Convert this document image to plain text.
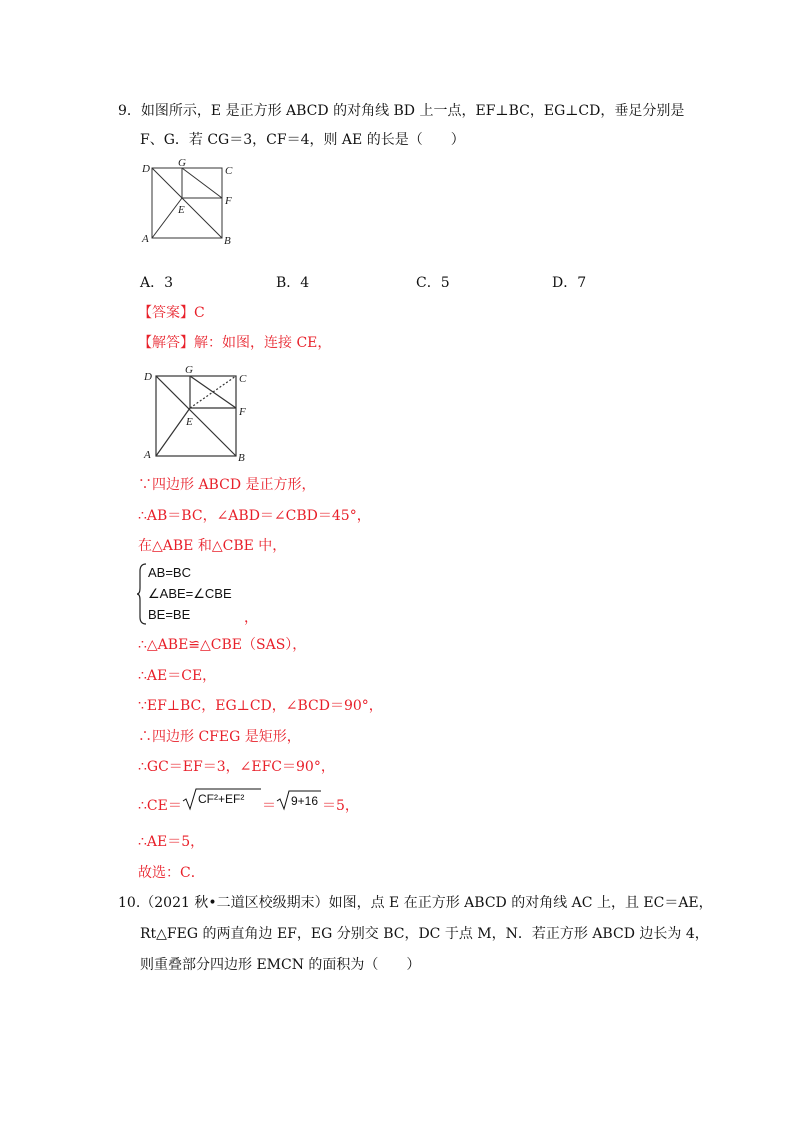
9．如图所示，E 是正方形 ABCD 的对角线 BD 上一点，EF⊥BC，EG⊥CD，垂足分别是
F、G．若 CG＝3，CF＝4，则 AE 的长是（　　）
D	G
C
F
E
A	B
A．3	B．4	C．5	D．7
【答案】C
【解答】解：如图，连接 CE，
D
G
C
F
E
A	B
∵四边形 ABCD 是正方形，
∴AB＝BC，∠ABD＝∠CBD＝45°，
在△ABE 和△CBE 中，
AB=BC
∠ABE=∠CBE
BE=BE	，
∴△ABE≌△CBE（SAS），
∴AE＝CE，
∵EF⊥BC，EG⊥CD，∠BCD＝90°，
∴四边形 CFEG 是矩形，
∴GC＝EF＝3，∠EFC＝90°，
∴CE＝ CF²+EF² ＝ 9+16 ＝5，
∴AE＝5，
故选：C．
10.（2021 秋•二道区校级期末）如图，点 E 在正方形 ABCD 的对角线 AC 上，且 EC＝AE，
Rt△FEG 的两直角边 EF，EG 分别交 BC，DC 于点 M，N．若正方形 ABCD 边长为 4，
则重叠部分四边形 EMCN 的面积为（　　）
